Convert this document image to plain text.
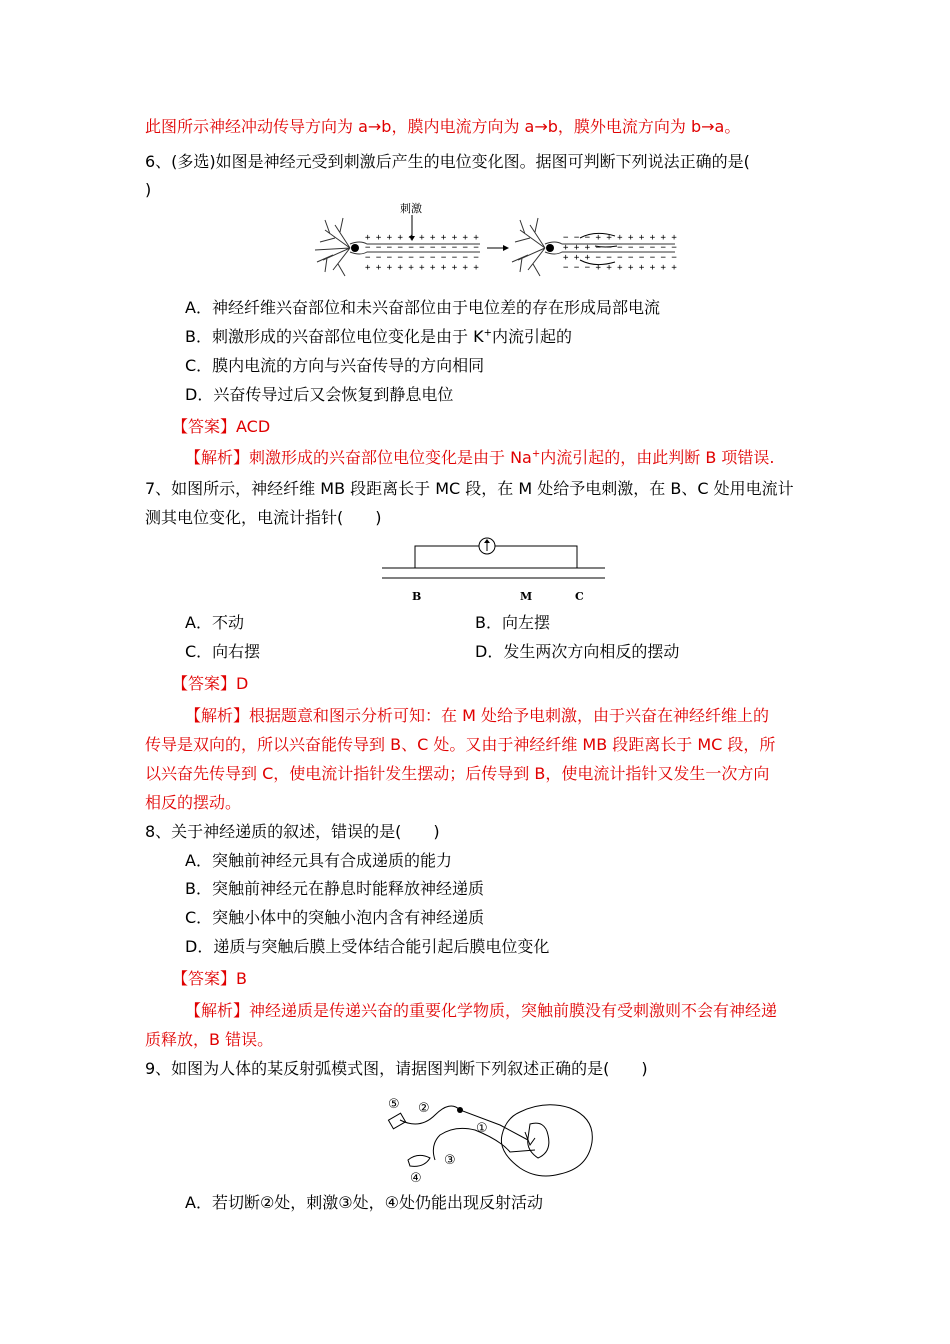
此图所示神经冲动传导方向为 a→b，膜内电流方向为 a→b，膜外电流方向为 b→a。
6、(多选)如图是神经元受到刺激后产生的电位变化图。据图可判断下列说法正确的是(
)
刺激
+ + + + + + + + + + +
− − − − − − − − − − −
− − − − − − − − − − −
+ + + + + + + + + + +
− − − + + + + + + + +
+ + + − − − − − − − −
+ + + − − − − − − − −
− − − + + + + + + + +
A．神经纤维兴奋部位和未兴奋部位由于电位差的存在形成局部电流
B．刺激形成的兴奋部位电位变化是由于 K+内流引起的
C．膜内电流的方向与兴奋传导的方向相同
D．兴奋传导过后又会恢复到静息电位
【答案】ACD
【解析】刺激形成的兴奋部位电位变化是由于 Na+内流引起的，由此判断 B 项错误.
7、如图所示，神经纤维 MB 段距离长于 MC 段，在 M 处给予电刺激，在 B、C 处用电流计
测其电位变化，电流计指针(　　)
B	M	C
A．不动	B．向左摆
C．向右摆	D．发生两次方向相反的摆动
【答案】D
【解析】根据题意和图示分析可知：在 M 处给予电刺激，由于兴奋在神经纤维上的
传导是双向的，所以兴奋能传导到 B、C 处。又由于神经纤维 MB 段距离长于 MC 段，所
以兴奋先传导到 C，使电流计指针发生摆动；后传导到 B，使电流计指针又发生一次方向
相反的摆动。
8、关于神经递质的叙述，错误的是(　　)
A．突触前神经元具有合成递质的能力
B．突触前神经元在静息时能释放神经递质
C．突触小体中的突触小泡内含有神经递质
D．递质与突触后膜上受体结合能引起后膜电位变化
【答案】B
【解析】神经递质是传递兴奋的重要化学物质，突触前膜没有受刺激则不会有神经递
质释放，B 错误。
9、如图为人体的某反射弧模式图，请据图判断下列叙述正确的是(　　)
⑤ ②
①
③
④
A．若切断②处，刺激③处，④处仍能出现反射活动
